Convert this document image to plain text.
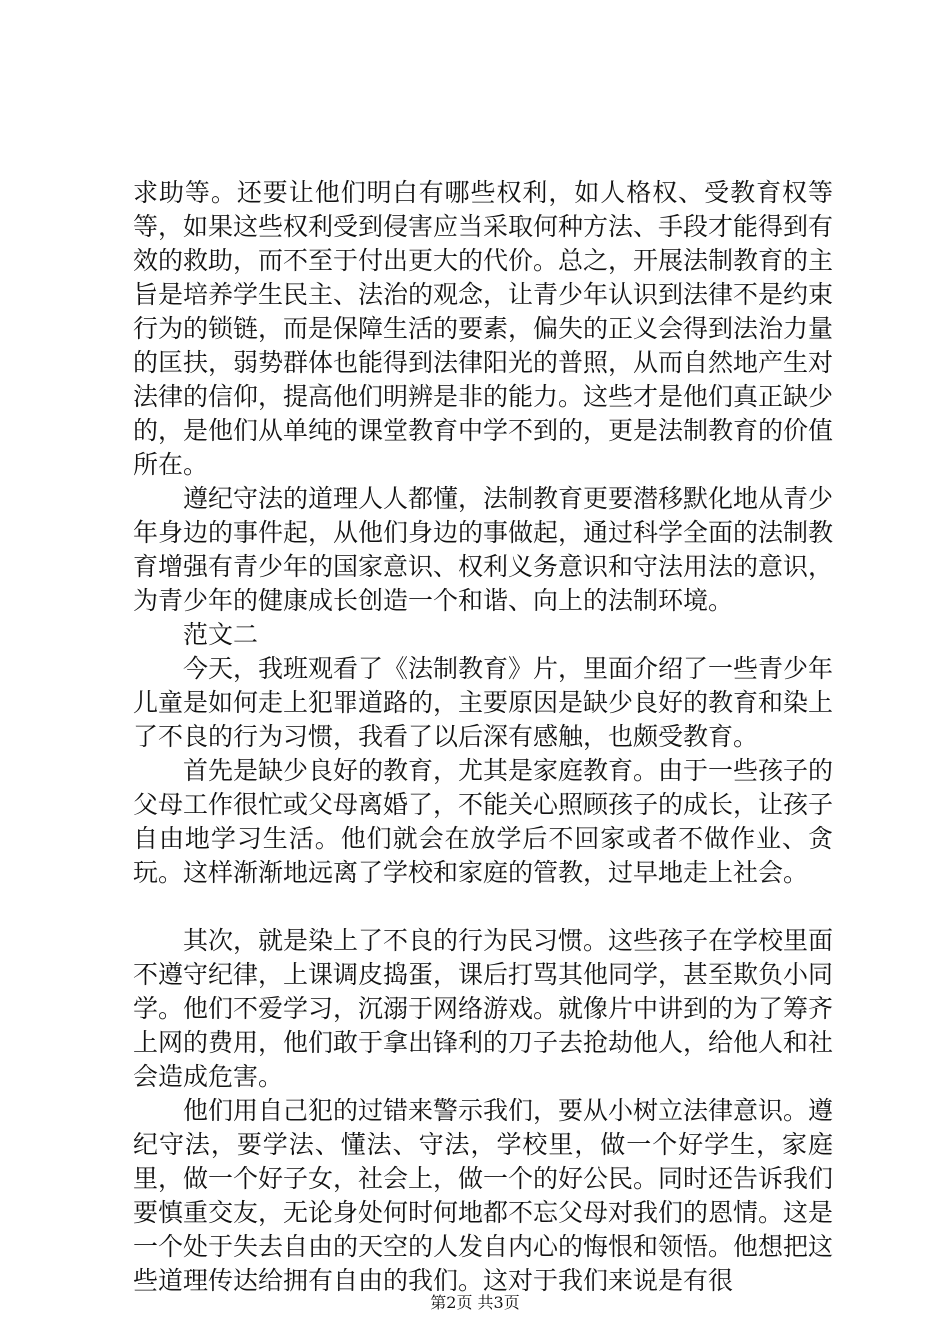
求助等。还要让他们明白有哪些权利，如人格权、受教育权等等，如果这些权利受到侵害应当采取何种方法、手段才能得到有效的救助，而不至于付出更大的代价。总之，开展法制教育的主旨是培养学生民主、法治的观念，让青少年认识到法律不是约束行为的锁链，而是保障生活的要素，偏失的正义会得到法治力量的匡扶，弱势群体也能得到法律阳光的普照，从而自然地产生对法律的信仰，提高他们明辨是非的能力。这些才是他们真正缺少的，是他们从单纯的课堂教育中学不到的，更是法制教育的价值所在。

遵纪守法的道理人人都懂，法制教育更要潜移默化地从青少年身边的事件起，从他们身边的事做起，通过科学全面的法制教育增强有青少年的国家意识、权利义务意识和守法用法的意识，为青少年的健康成长创造一个和谐、向上的法制环境。

范文二

今天，我班观看了《法制教育》片，里面介绍了一些青少年儿童是如何走上犯罪道路的，主要原因是缺少良好的教育和染上了不良的行为习惯，我看了以后深有感触，也颇受教育。

首先是缺少良好的教育，尤其是家庭教育。由于一些孩子的父母工作很忙或父母离婚了，不能关心照顾孩子的成长，让孩子自由地学习生活。他们就会在放学后不回家或者不做作业、贪玩。这样渐渐地远离了学校和家庭的管教，过早地走上社会。

其次，就是染上了不良的行为民习惯。这些孩子在学校里面不遵守纪律，上课调皮捣蛋，课后打骂其他同学，甚至欺负小同学。他们不爱学习，沉溺于网络游戏。就像片中讲到的为了筹齐上网的费用，他们敢于拿出锋利的刀子去抢劫他人，给他人和社会造成危害。

他们用自己犯的过错来警示我们，要从小树立法律意识。遵纪守法，要学法、懂法、守法，学校里，做一个好学生，家庭里，做一个好子女，社会上，做一个的好公民。同时还告诉我们要慎重交友，无论身处何时何地都不忘父母对我们的恩情。这是一个处于失去自由的天空的人发自内心的悔恨和领悟。他想把这些道理传达给拥有自由的我们。这对于我们来说是有很

第2页 共3页
